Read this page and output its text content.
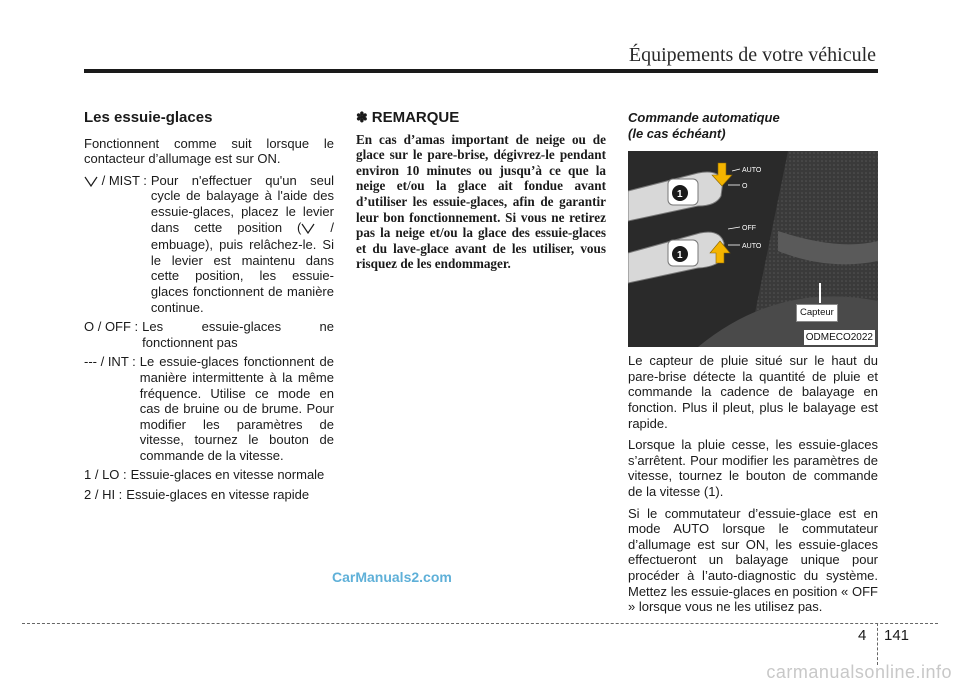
Équipements de votre véhicule
Les essuie-glaces

Fonctionnent comme suit lorsque le contacteur d’allumage est sur ON.

/ MIST : Pour n'effectuer qu'un seul cycle de balayage à l'aide des essuie-glaces, placez le levier dans cette position ( / embuage), puis relâchez-le. Si le levier est maintenu dans cette position, les essuie-glaces fonctionnent de manière continue.
O / OFF : Les essuie-glaces ne fonctionnent pas
--- / INT : Le essuie-glaces fonctionnent de manière intermittente à la même fréquence. Utilise ce mode en cas de bruine ou de brume. Pour modifier les paramètres de vitesse, tournez le bouton de commande de la vitesse.
1 / LO : Essuie-glaces en vitesse normale
2 / HI : Essuie-glaces en vitesse rapide
✽ REMARQUE

En cas d’amas important de neige ou de glace sur le pare-brise, dégivrez-le pendant environ 10 minutes ou jusqu’à ce que la neige et/ou la glace ait fondue avant d’utiliser les essuie-glaces, afin de garantir leur bon fonctionnement. Si vous ne retirez pas la neige et/ou la glace des essuie-glaces et du lave-glace avant de les utiliser, vous risquez de les endommager.

Commande automatique
(le cas échéant)
AUTO
O
OFF
AUTO
1
1
Capteur
ODMECO2022

Le capteur de pluie situé sur le haut du pare-brise détecte la quantité de pluie et commande la cadence de balayage en fonction. Plus il pleut, plus le balayage est rapide.

Lorsque la pluie cesse, les essuie-glaces s’arrêtent. Pour modifier les paramètres de vitesse, tournez le bouton de commande de la vitesse (1).

Si le commutateur d’essuie-glace est en mode AUTO lorsque le commutateur d’allumage est sur ON, les essuie-glaces effectueront un balayage unique pour procéder à l’auto-diagnostic du système. Mettez les essuie-glaces en position « OFF » lorsque vous ne les utilisez pas.

CarManuals2.com
4 141
carmanualsonline.info
